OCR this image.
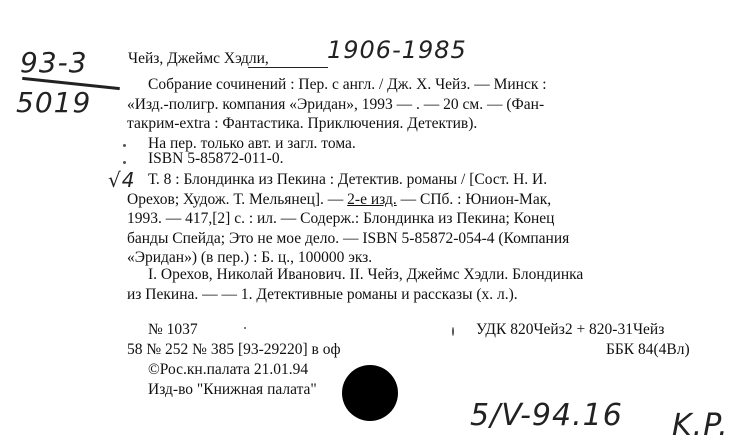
93-3
5019
1906-1985
√4
5/V-94.16 K.P.
Чейз, Джеймс Хэдли,
Собрание сочинений : Пер. с англ. / Дж. Х. Чейз. — Минск :
«Изд.-полигр. компания «Эридан», 1993 — . — 20 см. — (Фан-
такрим-extra : Фантастика. Приключения. Детектив).
На пер. только авт. и загл. тома.
ISBN 5-85872-011-0.
Т. 8 : Блондинка из Пекина : Детектив. романы / [Сост. Н. И.
Орехов; Худож. Т. Мельянец]. — 2-е изд. — СПб. : Юнион-Мак,
1993. — 417,[2] с. : ил. — Содерж.: Блондинка из Пекина; Конец
банды Спейда; Это не мое дело. — ISBN 5-85872-054-4 (Компания
«Эридан») (в пер.) : Б. ц., 100000 экз.
I. Орехов, Николай Иванович. II. Чейз, Джеймс Хэдли. Блондинка
из Пекина. — — 1. Детективные романы и рассказы (х. л.).
№ 1037
58 № 252 № 385 [93-29220] в оф
©Рос.кн.палата 21.01.94
Изд-во "Книжная палата"
УДК 820Чейз2 + 820-31Чейз
ББК 84(4Вл)
